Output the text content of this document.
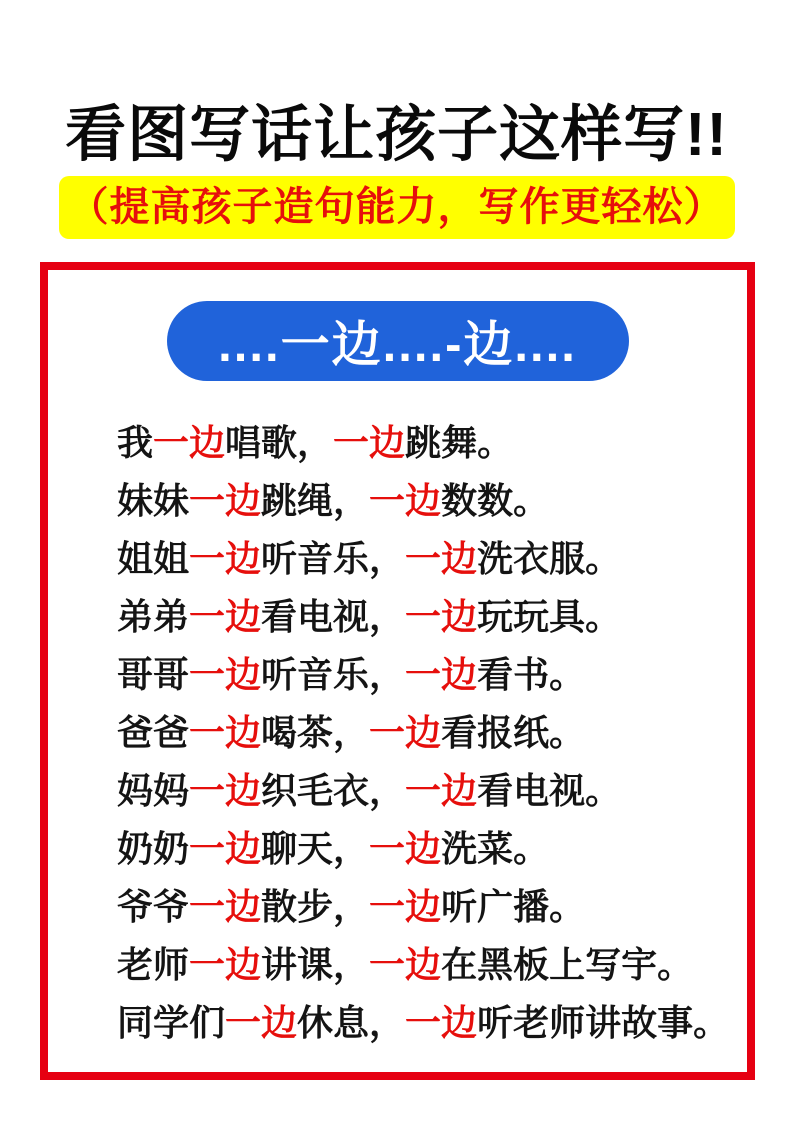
看图写话让孩子这样写!!
（提高孩子造句能力，写作更轻松）
....一边....-边....
我一边唱歌，一边跳舞。
妹妹一边跳绳，一边数数。
姐姐一边听音乐，一边洗衣服。
弟弟一边看电视，一边玩玩具。
哥哥一边听音乐，一边看书。
爸爸一边喝茶，一边看报纸。
妈妈一边织毛衣，一边看电视。
奶奶一边聊天，一边洗菜。
爷爷一边散步，一边听广播。
老师一边讲课，一边在黑板上写宇。
同学们一边休息，一边听老师讲故事。
